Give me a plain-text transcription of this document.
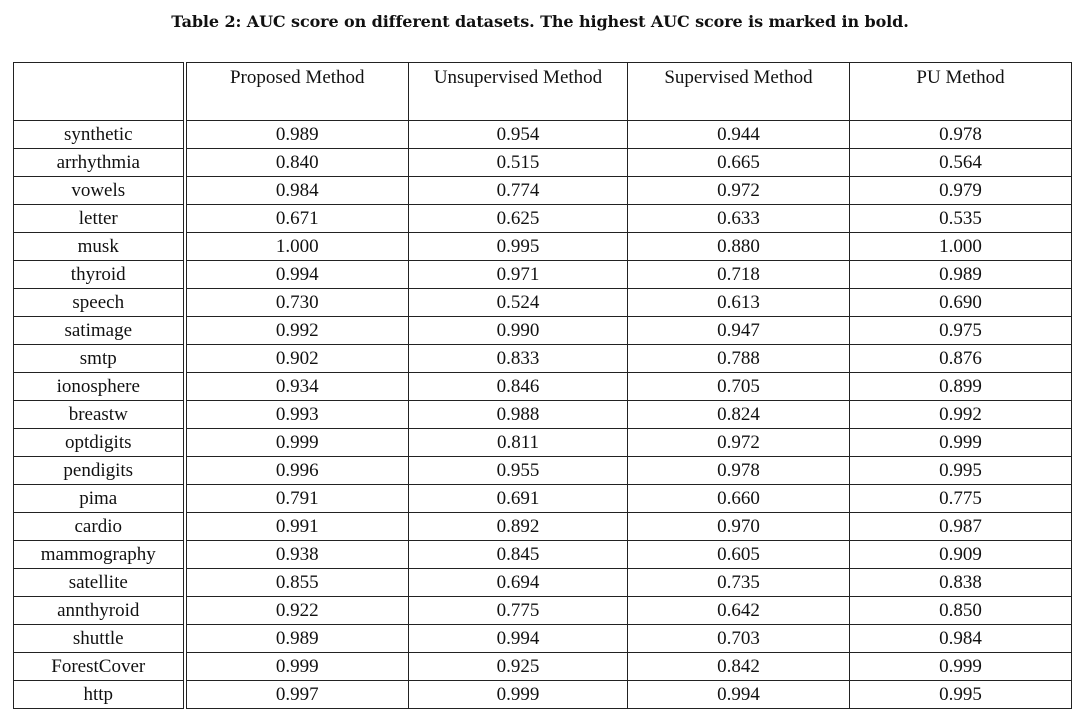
Table 2: AUC score on different datasets. The highest AUC score is marked in bold.
	Proposed Method	Unsupervised Method	Supervised Method	PU Method
synthetic	0.989	0.954	0.944	0.978
arrhythmia	0.840	0.515	0.665	0.564
vowels	0.984	0.774	0.972	0.979
letter	0.671	0.625	0.633	0.535
musk	1.000	0.995	0.880	1.000
thyroid	0.994	0.971	0.718	0.989
speech	0.730	0.524	0.613	0.690
satimage	0.992	0.990	0.947	0.975
smtp	0.902	0.833	0.788	0.876
ionosphere	0.934	0.846	0.705	0.899
breastw	0.993	0.988	0.824	0.992
optdigits	0.999	0.811	0.972	0.999
pendigits	0.996	0.955	0.978	0.995
pima	0.791	0.691	0.660	0.775
cardio	0.991	0.892	0.970	0.987
mammography	0.938	0.845	0.605	0.909
satellite	0.855	0.694	0.735	0.838
annthyroid	0.922	0.775	0.642	0.850
shuttle	0.989	0.994	0.703	0.984
ForestCover	0.999	0.925	0.842	0.999
http	0.997	0.999	0.994	0.995
